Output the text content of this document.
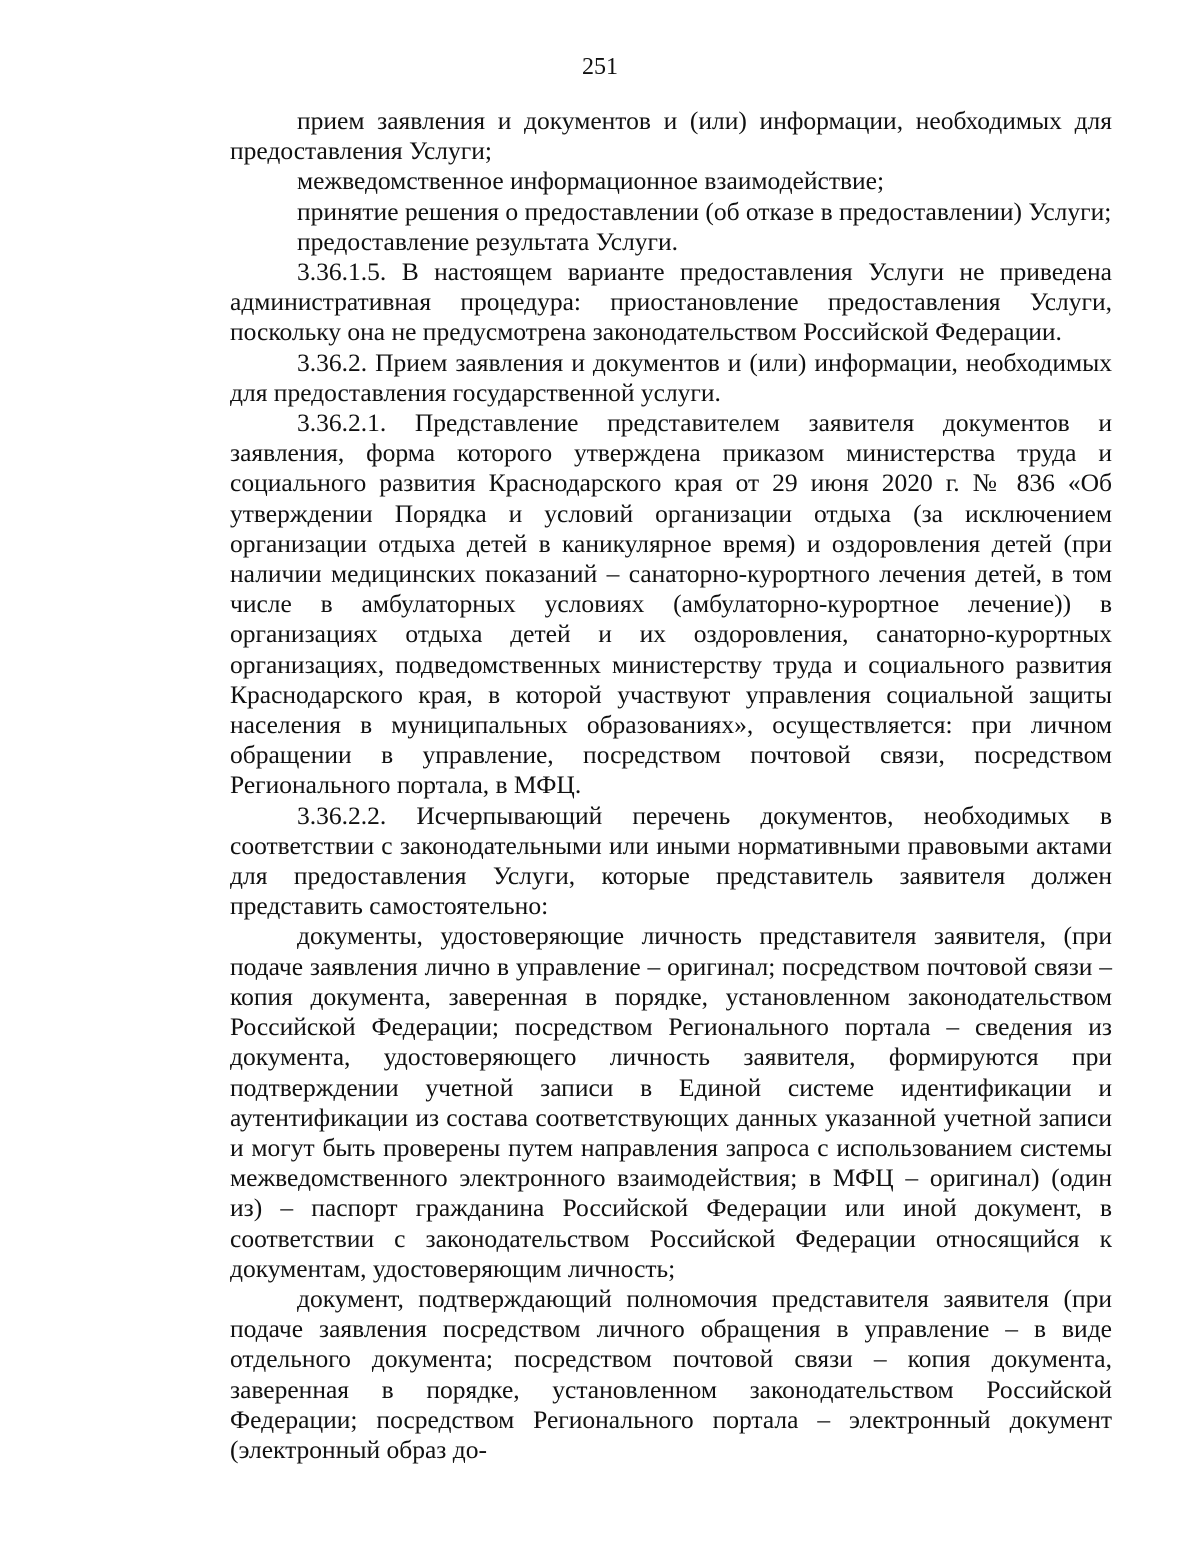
251

прием заявления и документов и (или) информации, необходимых для предоставления Услуги;

межведомственное информационное взаимодействие;

принятие решения о предоставлении (об отказе в предоставлении) Услуги;

предоставление результата Услуги.

3.36.1.5. В настоящем варианте предоставления Услуги не приведена административная процедура: приостановление предоставления Услуги, поскольку она не предусмотрена законодательством Российской Федерации.

3.36.2. Прием заявления и документов и (или) информации, необходимых для предоставления государственной услуги.

3.36.2.1. Представление представителем заявителя документов и заявления, форма которого утверждена приказом министерства труда и социального развития Краснодарского края от 29 июня 2020 г. № 836 «Об утверждении Порядка и условий организации отдыха (за исключением организации отдыха детей в каникулярное время) и оздоровления детей (при наличии медицинских показаний – санаторно-курортного лечения детей, в том числе в амбулаторных условиях (амбулаторно-курортное лечение)) в организациях отдыха детей и их оздоровления, санаторно-курортных организациях, подведомственных министерству труда и социального развития Краснодарского края, в которой участвуют управления социальной защиты населения в муниципальных образованиях», осуществляется: при личном обращении в управление, посредством почтовой связи, посредством Регионального портала, в МФЦ.

3.36.2.2. Исчерпывающий перечень документов, необходимых в соответствии с законодательными или иными нормативными правовыми актами для предоставления Услуги, которые представитель заявителя должен представить самостоятельно:

документы, удостоверяющие личность представителя заявителя, (при подаче заявления лично в управление – оригинал; посредством почтовой связи – копия документа, заверенная в порядке, установленном законодательством Российской Федерации; посредством Регионального портала – сведения из документа, удостоверяющего личность заявителя, формируются при подтверждении учетной записи в Единой системе идентификации и аутентификации из состава соответствующих данных указанной учетной записи и могут быть проверены путем направления запроса с использованием системы межведомственного электронного взаимодействия; в МФЦ – оригинал) (один из) – паспорт гражданина Российской Федерации или иной документ, в соответствии с законодательством Российской Федерации относящийся к документам, удостоверяющим личность;

документ, подтверждающий полномочия представителя заявителя (при подаче заявления посредством личного обращения в управление – в виде отдельного документа; посредством почтовой связи – копия документа, заверенная в порядке, установленном законодательством Российской Федерации; посредством Регионального портала – электронный документ (электронный образ до-
